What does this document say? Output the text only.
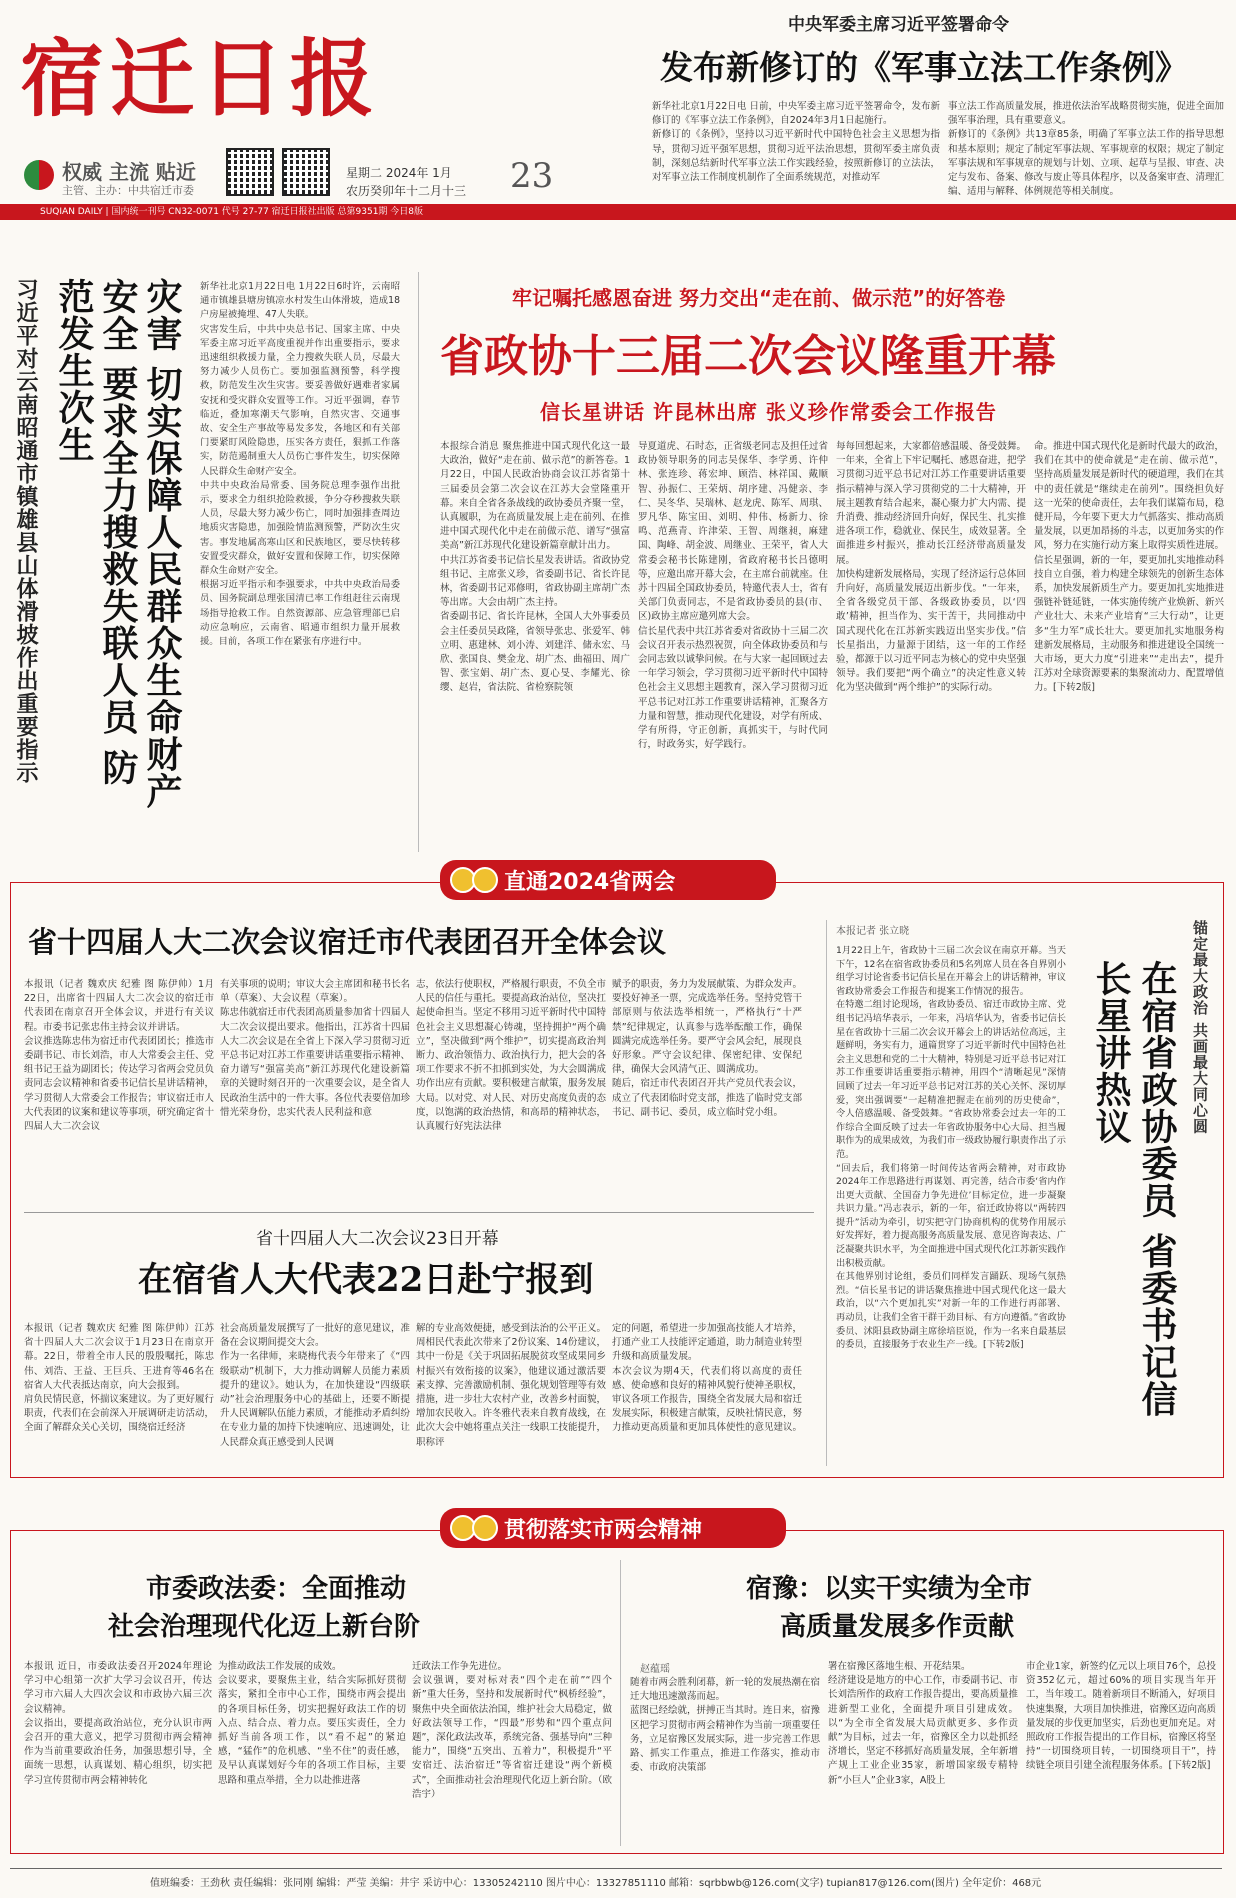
宿迁日报
权威 主流 贴近
主管、主办：中共宿迁市委
星期二 2024年 1月
农历癸卯年十二月十三 23
SUQIAN DAILY | 国内统一刊号 CN32-0071 代号 27-77 宿迁日报社出版 总第9351期 今日8版
中央军委主席习近平签署命令
发布新修订的《军事立法工作条例》
新华社北京1月22日电 日前，中央军委主席习近平签署命令，发布新修订的《军事立法工作条例》，自2024年3月1日起施行。
新修订的《条例》，坚持以习近平新时代中国特色社会主义思想为指导，贯彻习近平强军思想，贯彻习近平法治思想，贯彻军委主席负责制，深刻总结新时代军事立法工作实践经验，按照新修订的立法法，对军事立法工作制度机制作了全面系统规范，对推动军
事立法工作高质量发展，推进依法治军战略贯彻实施，促进全面加强军事治理，具有重要意义。
新修订的《条例》共13章85条，明确了军事立法工作的指导思想和基本原则；规定了制定军事法规、军事规章的权限；规定了制定军事法规和军事规章的规划与计划、立项、起草与呈报、审查、决定与发布、备案、修改与废止等具体程序，以及备案审查、清理汇编、适用与解释、体例规范等相关制度。
习近平对云南昭通市镇雄县山体滑坡作出重要指示	灾害 切实保障人民群众生命财产安全 要求全力搜救失联人员 防范发生次生	新华社北京1月22日电 1月22日6时许，云南昭通市镇雄县塘房镇凉水村发生山体滑坡，造成18户房屋被掩埋、47人失联。
灾害发生后，中共中央总书记、国家主席、中央军委主席习近平高度重视并作出重要指示，要求迅速组织救援力量，全力搜救失联人员，尽最大努力减少人员伤亡。要加强监测预警，科学搜救，防范发生次生灾害。要妥善做好遇难者家属安抚和受灾群众安置等工作。习近平强调，春节临近，叠加寒潮天气影响，自然灾害、交通事故、安全生产事故等易发多发，各地区和有关部门要紧盯风险隐患，压实各方责任，狠抓工作落实，防范遏制重大人员伤亡事件发生，切实保障人民群众生命财产安全。
中共中央政治局常委、国务院总理李强作出批示，要求全力组织抢险救援，争分夺秒搜救失联人员，尽最大努力减少伤亡，同时加强排查周边地质灾害隐患，加强险情监测预警，严防次生灾害。事发地属高寒山区和民族地区，要尽快转移安置受灾群众，做好安置和保障工作，切实保障群众生命财产安全。
根据习近平指示和李强要求，中共中央政治局委员、国务院副总理张国清已率工作组赶往云南现场指导抢救工作。自然资源部、应急管理部已启动应急响应，云南省、昭通市组织力量开展救援。目前，各项工作在紧张有序进行中。
牢记嘱托感恩奋进 努力交出“走在前、做示范”的好答卷
省政协十三届二次会议隆重开幕
信长星讲话 许昆林出席 张义珍作常委会工作报告
本报综合消息 聚焦推进中国式现代化这一最大政治，做好“走在前、做示范”的新答卷。1月22日，中国人民政治协商会议江苏省第十三届委员会第二次会议在江苏大会堂隆重开幕。来自全省各条战线的政协委员齐聚一堂，认真履职，为在高质量发展上走在前列、在推进中国式现代化中走在前做示范、谱写“强富美高”新江苏现代化建设新篇章献计出力。
中共江苏省委书记信长星发表讲话。省政协党组书记、主席张义珍，省委副书记、省长许昆林，省委副书记邓修明，省政协副主席胡广杰等出席。大会由胡广杰主持。
省委副书记、省长许昆林，全国人大外事委员会主任委员吴政隆，省领导张忠、张爱军、韩立明、惠建林、刘小涛、刘建洋、储永宏、马欣、张国良、樊金龙、胡广杰、曲福田、周广智、张宝娟、胡广杰、夏心旻、李耀光、徐缨、赵岩，省法院、省检察院领
导夏道虎、石时态，正省级老同志及担任过省政协领导职务的同志吴保华、李学勇、许仲林、张连珍、蒋宏坤、顾浩、林祥国、戴顺智、孙振仁、王荣炳、胡序建、冯健亲、李仁、吴冬华、吴瑞林、赵龙虎、陈军、周琪、罗凡华、陈宝田、刘明、仲伟、杨新力、徐鸣、范燕青、许津荣、王智、周继昶，麻建国、陶峰、胡金波、周继业、王荣平，省人大常委会秘书长陈建刚，省政府秘书长吕德明等，应邀出席开幕大会，在主席台前就座。住苏十四届全国政协委员，特邀代表人士，省有关部门负责同志，不是省政协委员的县(市、区)政协主席应邀列席大会。
信长星代表中共江苏省委对省政协十三届二次会议召开表示热烈祝贺，向全体政协委员和与会同志致以诚挚问候。在与大家一起回顾过去一年学习领会，学习贯彻习近平新时代中国特色社会主义思想主题教育，深入学习贯彻习近平总书记对江苏工作重要讲话精神，汇聚各方力量和智慧，推动现代化建设，对学有所成、学有所得，守正创新，真抓实干，与时代同行，时政务实，好学践行。
每每回想起来，大家都倍感温暖、备受鼓舞。一年来，全省上下牢记嘱托、感恩奋进，把学习贯彻习近平总书记对江苏工作重要讲话重要指示精神与深入学习贯彻党的二十大精神，开展主题教育结合起来，凝心聚力扩大内需、提升消费、推动经济回升向好，保民生、扎实推进各项工作，稳就业、保民生，成效显著。全面推进乡村振兴，推动长江经济带高质量发展。
加快构建新发展格局，实现了经济运行总体回升向好，高质量发展迈出新步伐。“一年来，全省各级党员干部、各级政协委员，以‘四敢’精神，担当作为、实干苦干，共同推动中国式现代化在江苏新实践迈出坚实步伐。”信长星指出，力量源于团结，这一年的工作经验，都源于以习近平同志为核心的党中央坚强领导。我们要把“两个确立”的决定性意义转化为坚决做到“两个维护”的实际行动。
命。推进中国式现代化是新时代最大的政治，我们在其中的使命就是“走在前、做示范”，坚持高质量发展是新时代的硬道理，我们在其中的责任就是“继续走在前列”。围绕担负好这一光荣的使命责任，去年我们谋篇布局，稳健开局，今年要下更大力气抓落实、推动高质量发展，以更加昂扬的斗志，以更加务实的作风，努力在实施行动方案上取得实质性进展。
信长星强调，新的一年，要更加扎实地推动科技自立自强，着力构建全球领先的创新生态体系，加快发展新质生产力。要更加扎实地推进强链补链延链，一体实施传统产业焕新、新兴产业壮大、未来产业培育“三大行动”，让更多“生力军”成长壮大。要更加扎实地服务构建新发展格局，主动服务和推进建设全国统一大市场，更大力度“引进来”“走出去”，提升江苏对全球资源要素的集聚流动力、配置增值力。[下转2版]
直通2024省两会
省十四届人大二次会议宿迁市代表团召开全体会议
本报讯（记者 魏欢庆 纪雅 图 陈伊帅）1月22日，出席省十四届人大二次会议的宿迁市代表团在南京召开全体会议，并进行有关议程。市委书记张忠伟主持会议并讲话。
会议推选陈忠伟为宿迁市代表团团长；推选市委副书记、市长刘浩，市人大常委会主任、党组书记王益为副团长；传达学习省两会党员负责同志会议精神和省委书记信长星讲话精神，学习贯彻人大常委会工作报告；审议宿迁市人大代表团的议案和建议等事项，研究确定省十四届人大二次会议
有关事项的说明；审议大会主席团和秘书长名单（草案）、大会议程（草案）。
陈忠伟就宿迁市代表团高质量参加省十四届人大二次会议提出要求。他指出，江苏省十四届人大二次会议是在全省上下深入学习贯彻习近平总书记对江苏工作重要讲话重要指示精神、奋力谱写“强富美高”新江苏现代化建设新篇章的关键时刻召开的一次重要会议，是全省人民政治生活中的一件大事。各位代表要倍加珍惜光荣身份，忠实代表人民利益和意
志，依法行使职权，严格履行职责，不负全市人民的信任与重托。要提高政治站位，坚决扛起使命担当。坚定不移用习近平新时代中国特色社会主义思想凝心铸魂，坚持拥护“两个确立”，坚决做到“两个维护”，切实提高政治判断力、政治领悟力、政治执行力，把大会的各项工作要求不折不扣抓到实处，为大会圆满成功作出应有贡献。要积极建言献策，服务发展大局。以对党、对人民、对历史高度负责的态度，以饱满的政治热情，和高昂的精神状态，认真履行好宪法法律
赋予的职责，务力为发展献策、为群众发声。要投好神圣一票，完成选举任务。坚持党管干部原则与依法选举相统一，严格执行“十严禁”纪律规定，认真参与选举酝酿工作，确保圆满完成选举任务。要严守会风会纪，展现良好形象。严守会议纪律、保密纪律、安保纪律，确保大会风清气正、圆满成功。
随后，宿迁市代表团召开共产党员代表会议，成立了代表团临时党支部，推选了临时党支部书记、副书记、委员，成立临时党小组。
省十四届人大二次会议23日开幕
在宿省人大代表22日赴宁报到
本报讯（记者 魏欢庆 纪雅 图 陈伊帅）江苏省十四届人大二次会议于1月23日在南京开幕。22日，带着全市人民的殷殷嘱托，陈忠伟、刘浩、王益、王巨兵、王进育等46名在宿省人大代表抵达南京，向大会报到。
肩负民情民意，怀揣议案建议。为了更好履行职责，代表们在会前深入开展调研走访活动，全面了解群众关心关切，围绕宿迁经济
社会高质量发展撰写了一批好的意见建议，准备在会议期间提交大会。
作为一名律师，来晓梅代表今年带来了《“四级联动”机制下，大力推动调解人员能力素质提升的建议》。她认为，在加快建设“四级联动”社会治理服务中心的基础上，还要不断提升人民调解队伍能力素质，才能推动矛盾纠纷在专业力量的加持下快速响应、迅速调处，让人民群众真正感受到人民调
解的专业高效便捷，感受到法治的公平正义。周相民代表此次带来了2份议案、14份建议，其中一份是《关于巩固拓展脱贫攻坚成果同乡村振兴有效衔接的议案》，他建议通过激活要素支撑、完善激励机制、强化规划管理等有效措施，进一步壮大农村产业，改善乡村面貌，增加农民收入。许冬雅代表来自教育战线，在此次大会中她将重点关注一线职工技能提升，职称评
定的问题，希望进一步加强高技能人才培养，打通产业工人技能评定通道，助力制造业转型升级和高质量发展。
本次会议为期4天，代表们将以高度的责任感、使命感和良好的精神风貌行使神圣职权，审议各项工作报告，围绕全省发展大局和宿迁发展实际，积极建言献策，反映社情民意，努力推动更高质量和更加具体使性的意见建议。
本报记者 张立晓
1月22日上午，省政协十三届二次会议在南京开幕。当天下午，12名在宿省政协委员和5名列席人员在各自界别小组学习讨论省委书记信长星在开幕会上的讲话精神，审议省政协常委会工作报告和提案工作情况的报告。
在特邀二组讨论现场，省政协委员、宿迁市政协主席、党组书记冯培华表示，一年来，冯培华认为，省委书记信长星在省政协十三届二次会议开幕会上的讲话站位高远，主题鲜明，务实有力，通篇贯穿了习近平新时代中国特色社会主义思想和党的二十大精神，特别是习近平总书记对江苏工作重要讲话重要指示精神，用四个“清晰起见”深情回顾了过去一年习近平总书记对江苏的关心关怀、深切厚爱，突出强调要“一起精准把握走在前列的历史使命”，令人倍感温暖、备受鼓舞。“省政协常委会过去一年的工作综合全面反映了过去一年省政协服务中心大局、担当履职作为的成果成效，为我们市一级政协履行职责作出了示范。
“回去后，我们将第一时间传达省两会精神，对市政协2024年工作思路进行再谋划、再完善，结合市委‘省内作出更大贡献、全国奋力争先进位’目标定位，进一步凝聚共识力量。”冯志表示，新的一年，宿迁政协将以“两转四提升”活动为牵引，切实把守门协商机构的优势作用展示好发挥好，着力提高服务高质量发展、意见咨询表达、广泛凝聚共识水平，为全面推进中国式现代化江苏新实践作出积极贡献。
在其他界别讨论组，委员们同样发言踊跃、现场气氛热烈。“信长星书记的讲话聚焦推进中国式现代化这一最大政治，以“六个更加扎实”对新一年的工作进行再部署、再动员，让我们全省干群干劲目标、有方向遵循。”省政协委员、沭阳县政协副主席徐培臣说，作为一名来自最基层的委员，直接服务于农业生产一线。[下转2版]	在宿省政协委员 省委书记信长星讲热议	锚定最大政治 共画最大同心圆
贯彻落实市两会精神
市委政法委：全面推动
社会治理现代化迈上新台阶
本报讯 近日，市委政法委召开2024年理论学习中心组第一次扩大学习会议召开，传达学习市六届人大四次会议和市政协六届三次会议精神。
会议指出，要提高政治站位，充分认识市两会召开的重大意义，把学习贯彻市两会精神作为当前重要政治任务，加强思想引导，全面统一思想，认真谋划、精心组织，切实把学习宣传贯彻市两会精神转化
为推动政法工作发展的成效。
会议要求，要聚焦主业，结合实际抓好贯彻落实，紧扣全市中心工作，围绕市两会提出的各项目标任务，切实把握好政法工作的切入点、结合点、着力点。要压实责任，全力抓好当前各项工作，以“看不起”的紧迫感，“猛作”的危机感、“坐不住”的责任感，及早认真谋划好今年的各项工作目标，主要思路和重点举措，全力以赴推进落
迁政法工作争先进位。
会议强调，要对标对表“四个走在前”“四个新”重大任务，坚持和发展新时代“枫桥经验”，聚焦中央全面依法治国，维护社会大局稳定，做好政法领导工作，“四最”形势和“四个重点问题”，深化政法改革，系统完备、强基导向“三种能力”，围绕“五突出、五着力”，积极提升“平安宿迁、法治宿迁”等省宿迁建设“两个新模式”，全面推动社会治理现代化迈上新台阶。（欧浩宇）
宿豫：以实干实绩为全市
高质量发展多作贡献
赵蕴瑶
随着市两会胜利闭幕，新一轮的发展热潮在宿迁大地迅速激荡而起。
蓝图已经绘就，拼搏正当其时。连日来，宿豫区把学习贯彻市两会精神作为当前一项重要任务，立足宿豫区发展实际，进一步完善工作思路、抓实工作重点，推进工作落实，推动市委、市政府决策部
署在宿豫区落地生根、开花结果。
经济建设是地方的中心工作，市委副书记、市长刘浩所作的政府工作报告提出，要高质量推进新型工业化，全面提升项目引建成效。以“为全市全省发展大局贡献更多、多作贡献”为目标，过去一年，宿豫区全力以赴抓经济增长，坚定不移抓好高质量发展，全年新增产规上工业企业35家，新增国家级专精特新“小巨人”企业3家，A股上
市企业1家，新签约亿元以上项目76个，总投资352亿元，超过60%的项目实现当年开工，当年竣工。随着新项目不断涌入，好项目快速集聚，大项目加快推进，宿豫区迈向高质量发展的步伐更加坚实，后劲也更加充足。对照政府工作报告提出的工作目标，宿豫区将坚持“一切围绕项目转，一切围绕项目干”，持续链全项目引建全流程服务体系。[下转2版]
值班编委：王劲秋 责任编辑：张同刚 编辑：严莹 美编：井宇 采访中心：13305242110 图片中心：13327851110 邮箱：sqrbbwb@126.com(文字) tupian817@126.com(图片) 全年定价：468元
